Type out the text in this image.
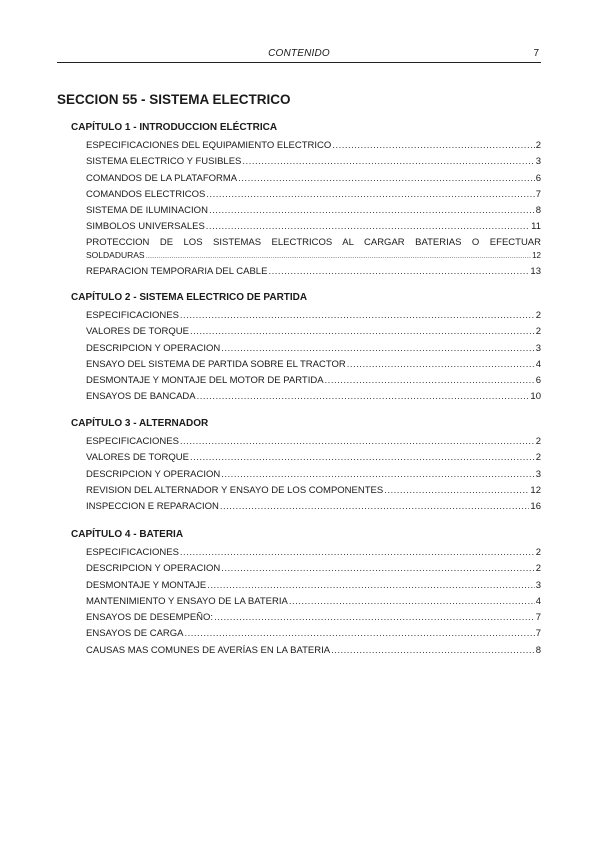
CONTENIDO	7
SECCION 55 - SISTEMA ELECTRICO
CAPÍTULO 1 - INTRODUCCION ELÉCTRICA
ESPECIFICACIONES DEL EQUIPAMIENTO ELECTRICO .....	2
SISTEMA ELECTRICO Y FUSIBLES .....	3
COMANDOS DE LA PLATAFORMA .....	6
COMANDOS ELECTRICOS .....	7
SISTEMA DE ILUMINACION .....	8
SIMBOLOS UNIVERSALES .....	11
PROTECCION DE LOS SISTEMAS ELECTRICOS AL CARGAR BATERIAS O EFECTUAR
SOLDADURAS .....	12
REPARACION TEMPORARIA DEL CABLE .....	13
CAPÍTULO 2 - SISTEMA ELECTRICO DE PARTIDA
ESPECIFICACIONES .....	2
VALORES DE TORQUE .....	2
DESCRIPCION Y OPERACION .....	3
ENSAYO DEL SISTEMA DE PARTIDA SOBRE EL TRACTOR .....	4
DESMONTAJE Y MONTAJE DEL MOTOR DE PARTIDA .....	6
ENSAYOS DE BANCADA .....	10
CAPÍTULO 3 - ALTERNADOR
ESPECIFICACIONES .....	2
VALORES DE TORQUE .....	2
DESCRIPCION Y OPERACION .....	3
REVISION DEL ALTERNADOR Y ENSAYO DE LOS COMPONENTES .....	12
INSPECCION E REPARACION .....	16
CAPÍTULO 4 - BATERIA
ESPECIFICACIONES .....	2
DESCRIPCION Y OPERACION .....	2
DESMONTAJE Y MONTAJE .....	3
MANTENIMIENTO Y ENSAYO DE LA BATERIA .....	4
ENSAYOS DE DESEMPEÑO: .....	7
ENSAYOS DE CARGA .....	7
CAUSAS MAS COMUNES DE AVERÍAS EN LA BATERIA .....	8
